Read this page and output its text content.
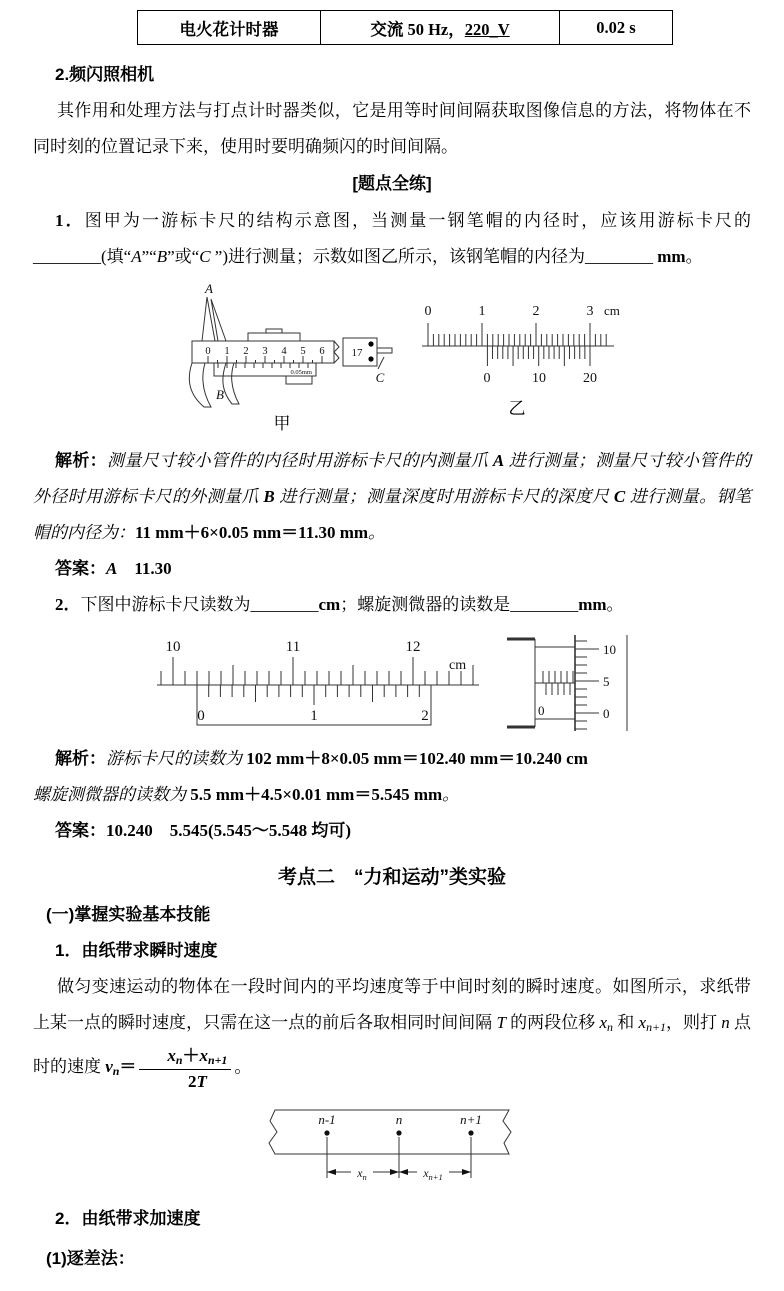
电火花计时器	交流 50 Hz，220_V	0.02 s
2.频闪照相机

其作用和处理方法与打点计时器类似，它是用等时间间隔获取图像信息的方法，将物体在不同时刻的位置记录下来，使用时要明确频闪的时间间隔。

[题点全练]

1．图甲为一游标卡尺的结构示意图，当测量一钢笔帽的内径时，应该用游标卡尺的________(填“A”“B”或“C ”)进行测量；示数如图乙所示，该钢笔帽的内径为________ mm。

A
0 1 2 3 4 5 6
0.05mm
17
C
B
甲
0	1	2	3 cm
0	10	20
乙

解析：测量尺寸较小管件的内径时用游标卡尺的内测量爪 A 进行测量；测量尺寸较小管件的外径时用游标卡尺的外测量爪 B 进行测量；测量深度时用游标卡尺的深度尺 C 进行测量。钢笔帽的内径为：11 mm＋6×0.05 mm＝11.30 mm。

答案：A　11.30

2．下图中游标卡尺读数为________cm；螺旋测微器的读数是________mm。

10	11	12
cm
0	1	2	0
10
5
0

解析：游标卡尺的读数为 102 mm＋8×0.05 mm＝102.40 mm＝10.240 cm

螺旋测微器的读数为 5.5 mm＋4.5×0.01 mm＝5.545 mm。

答案：10.240　5.545(5.545～5.548 均可)

考点二　“力和运动”类实验
(一)掌握实验基本技能
1．由纸带求瞬时速度

做匀变速运动的物体在一段时间内的平均速度等于中间时刻的瞬时速度。如图所示，求纸带上某一点的瞬时速度，只需在这一点的前后各取相同时间间隔 T 的两段位移 xn 和 xn+1，则打 n 点时的速度 $vn= \frac{xn+xn+1}{2T}$ 。

n-1	n	n+1
$x_n$	$x_{n+1}$
2．由纸带求加速度
(1)逐差法：
